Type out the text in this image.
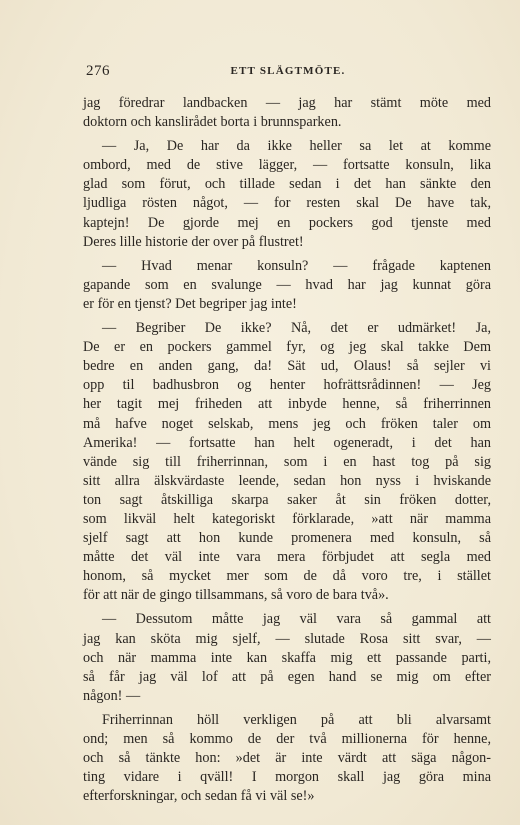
276	ETT SLÄGTMÖTE.
jag föredrar landbacken — jag har stämt möte med
doktorn och kanslirådet borta i brunnsparken.
— Ja, De har da ikke heller sa let at komme
ombord, med de stive lägger, — fortsatte konsuln, lika
glad som förut, och tillade sedan i det han sänkte den
ljudliga rösten något, — for resten skal De have tak,
kaptejn! De gjorde mej en pockers god tjenste med
Deres lille historie der over på flustret!
— Hvad menar konsuln? — frågade kaptenen
gapande som en svalunge — hvad har jag kunnat göra
er för en tjenst? Det begriper jag inte!
— Begriber De ikke? Nå, det er udmärket! Ja,
De er en pockers gammel fyr, og jeg skal takke Dem
bedre en anden gang, da! Sät ud, Olaus! så sejler vi
opp til badhusbron og henter hofrättsrådinnen! — Jeg
her tagit mej friheden att inbyde henne, så friherrinnen
må hafve noget selskab, mens jeg och fröken taler om
Amerika! — fortsatte han helt ogeneradt, i det han
vände sig till friherrinnan, som i en hast tog på sig
sitt allra älskvärdaste leende, sedan hon nyss i hviskande
ton sagt åtskilliga skarpa saker åt sin fröken dotter,
som likväl helt kategoriskt förklarade, »att när mamma
sjelf sagt att hon kunde promenera med konsuln, så
måtte det väl inte vara mera förbjudet att segla med
honom, så mycket mer som de då voro tre, i stället
för att när de gingo tillsammans, så voro de bara två».
— Dessutom måtte jag väl vara så gammal att
jag kan sköta mig sjelf, — slutade Rosa sitt svar, —
och när mamma inte kan skaffa mig ett passande parti,
så får jag väl lof att på egen hand se mig om efter
någon! —
Friherrinnan höll verkligen på att bli alvarsamt
ond; men så kommo de der två millionerna för henne,
och så tänkte hon: »det är inte värdt att säga någon-
ting vidare i qväll! I morgon skall jag göra mina
efterforskningar, och sedan få vi väl se!»
